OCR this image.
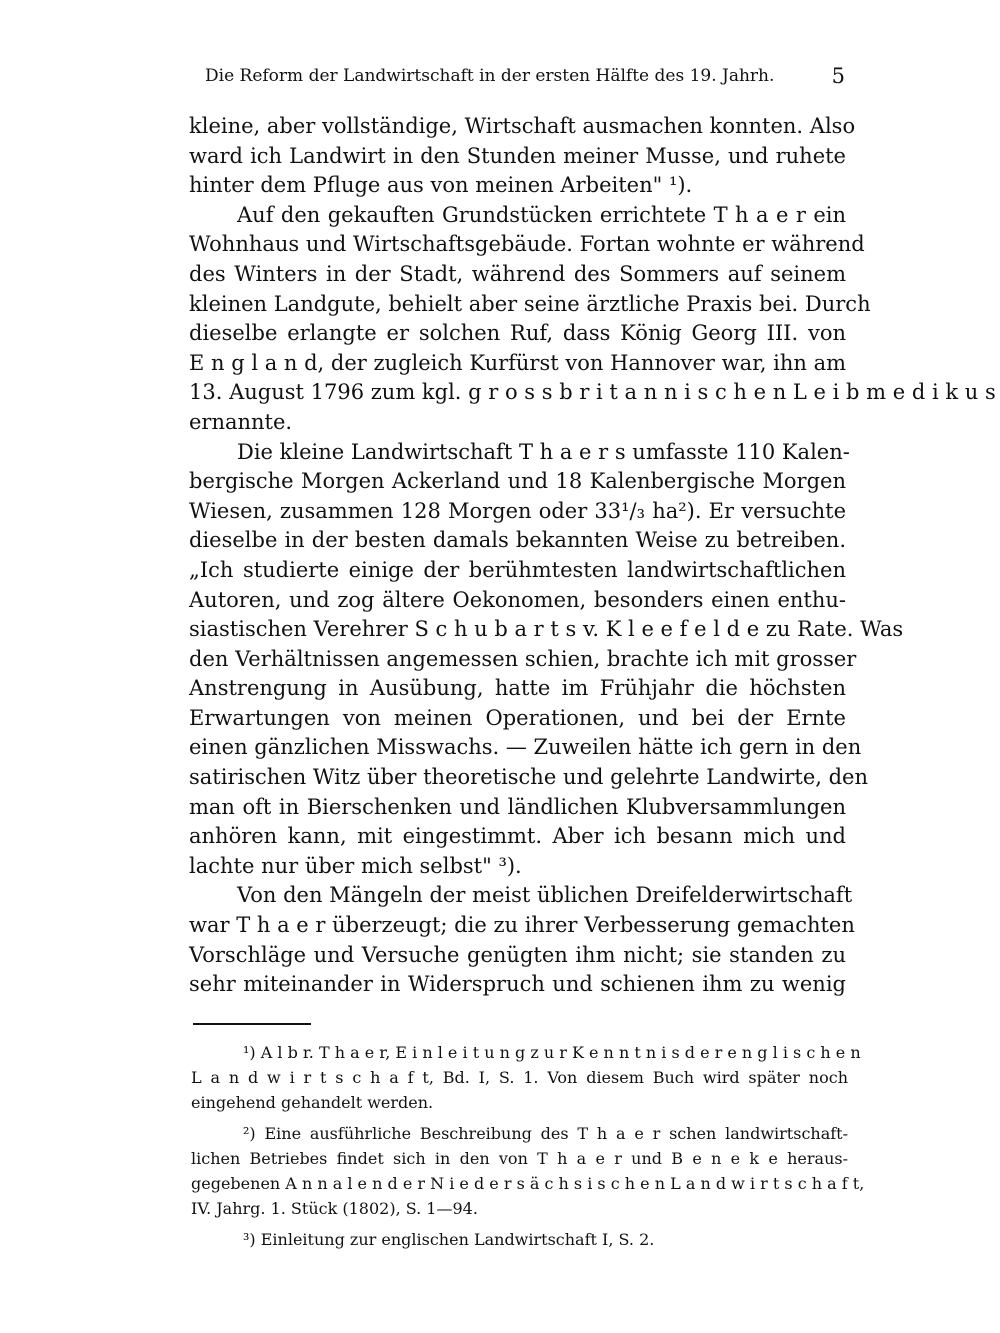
Die Reform der Landwirtschaft in der ersten Hälfte des 19. Jahrh.	5
kleine, aber vollständige, Wirtschaft ausmachen konnten. Also
ward ich Landwirt in den Stunden meiner Musse, und ruhete
hinter dem Pfluge aus von meinen Arbeiten" ¹).
Auf den gekauften Grundstücken errichtete T h a e r ein
Wohnhaus und Wirtschaftsgebäude. Fortan wohnte er während
des Winters in der Stadt, während des Sommers auf seinem
kleinen Landgute, behielt aber seine ärztliche Praxis bei. Durch
dieselbe erlangte er solchen Ruf, dass König Georg III. von
E n g l a n d, der zugleich Kurfürst von Hannover war, ihn am
13. August 1796 zum kgl. g r o s s b r i t a n n i s c h e n L e i b m e d i k u s
ernannte.
Die kleine Landwirtschaft T h a e r s umfasste 110 Kalen-
bergische Morgen Ackerland und 18 Kalenbergische Morgen
Wiesen, zusammen 128 Morgen oder 33¹/₃ ha²). Er versuchte
dieselbe in der besten damals bekannten Weise zu betreiben.
„Ich studierte einige der berühmtesten landwirtschaftlichen
Autoren, und zog ältere Oekonomen, besonders einen enthu-
siastischen Verehrer S c h u b a r t s v. K l e e f e l d e zu Rate. Was
den Verhältnissen angemessen schien, brachte ich mit grosser
Anstrengung in Ausübung, hatte im Frühjahr die höchsten
Erwartungen von meinen Operationen, und bei der Ernte
einen gänzlichen Misswachs. — Zuweilen hätte ich gern in den
satirischen Witz über theoretische und gelehrte Landwirte, den
man oft in Bierschenken und ländlichen Klubversammlungen
anhören kann, mit eingestimmt. Aber ich besann mich und
lachte nur über mich selbst" ³).
Von den Mängeln der meist üblichen Dreifelderwirtschaft
war T h a e r überzeugt; die zu ihrer Verbesserung gemachten
Vorschläge und Versuche genügten ihm nicht; sie standen zu
sehr miteinander in Widerspruch und schienen ihm zu wenig
¹) A l b r. T h a e r, E i n l e i t u n g z u r K e n n t n i s d e r e n g l i s c h e n
L a n d w i r t s c h a f t, Bd. I, S. 1. Von diesem Buch wird später noch
eingehend gehandelt werden.
²) Eine ausführliche Beschreibung des T h a e r schen landwirtschaft-
lichen Betriebes findet sich in den von T h a e r und B e n e k e heraus-
gegebenen A n n a l e n d e r N i e d e r s ä c h s i s c h e n L a n d w i r t s c h a f t,
IV. Jahrg. 1. Stück (1802), S. 1—94.
³) Einleitung zur englischen Landwirtschaft I, S. 2.
